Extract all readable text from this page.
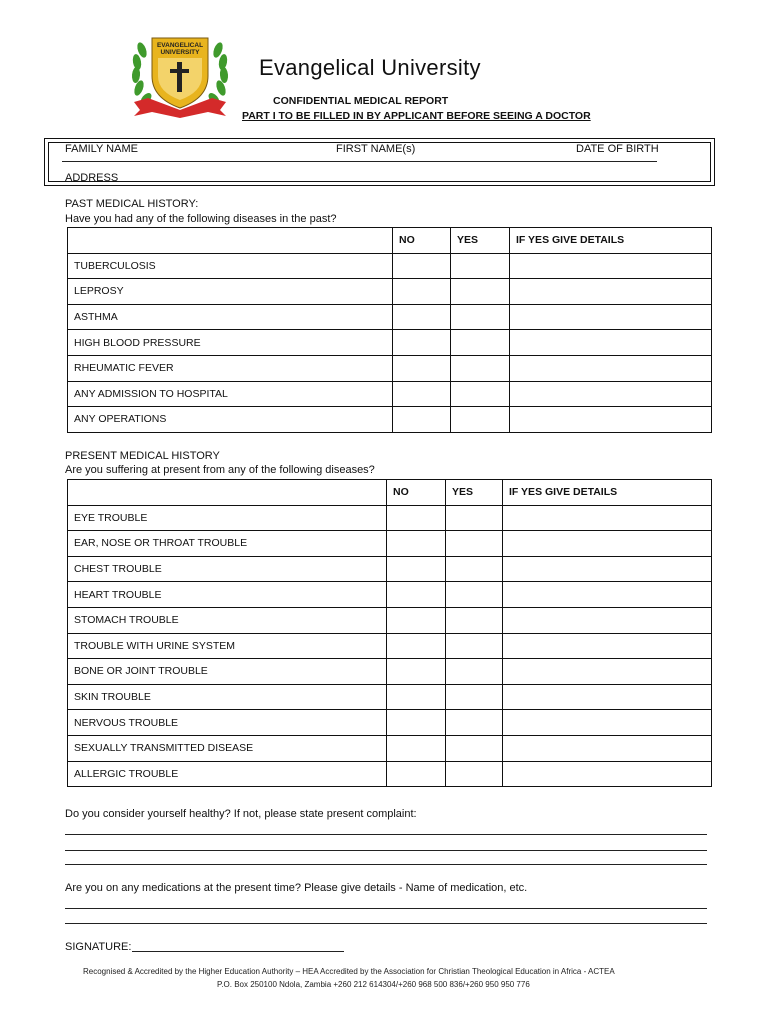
EVANGELICAL
UNIVERSITY
Evangelical University
CONFIDENTIAL MEDICAL REPORT
PART I TO BE FILLED IN BY APPLICANT BEFORE SEEING A DOCTOR
FAMILY NAME	FIRST NAME(s)	DATE OF BIRTH
ADDRESS
PAST MEDICAL HISTORY:
Have you had any of the following diseases in the past?
	NO	YES	IF YES GIVE DETAILS
TUBERCULOSIS			
LEPROSY			
ASTHMA			
HIGH BLOOD PRESSURE			
RHEUMATIC FEVER			
ANY ADMISSION TO HOSPITAL			
ANY OPERATIONS			
PRESENT MEDICAL HISTORY
Are you suffering at present from any of the following diseases?
	NO	YES	IF YES GIVE DETAILS
EYE TROUBLE			
EAR, NOSE OR THROAT TROUBLE			
CHEST TROUBLE			
HEART TROUBLE			
STOMACH TROUBLE			
TROUBLE WITH URINE SYSTEM			
BONE OR JOINT TROUBLE			
SKIN TROUBLE			
NERVOUS TROUBLE			
SEXUALLY TRANSMITTED DISEASE			
ALLERGIC TROUBLE			
Do you consider yourself healthy? If not, please state present complaint:
Are you on any medications at the present time? Please give details - Name of medication, etc.
SIGNATURE:
Recognised & Accredited by the Higher Education Authority – HEA Accredited by the Association for Christian Theological Education in Africa - ACTEA
P.O. Box 250100 Ndola, Zambia +260 212 614304/+260 968 500 836/+260 950 950 776
